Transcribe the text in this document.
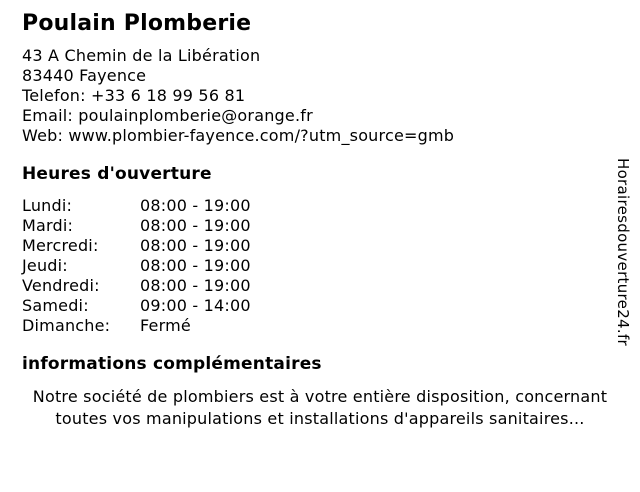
Poulain Plomberie
43 A Chemin de la Libération
83440 Fayence
Telefon: +33 6 18 99 56 81
Email: poulainplomberie@orange.fr
Web: www.plombier-fayence.com/?utm_source=gmb
Heures d'ouverture
Lundi:	08:00 - 19:00
Mardi:	08:00 - 19:00
Mercredi:	08:00 - 19:00
Jeudi:	08:00 - 19:00
Vendredi:	08:00 - 19:00
Samedi:	09:00 - 14:00
Dimanche: Fermé
informations complémentaires

Notre société de plombiers est à votre entière disposition, concernant toutes vos manipulations et installations d'appareils sanitaires...

Horairesdouverture24.fr
